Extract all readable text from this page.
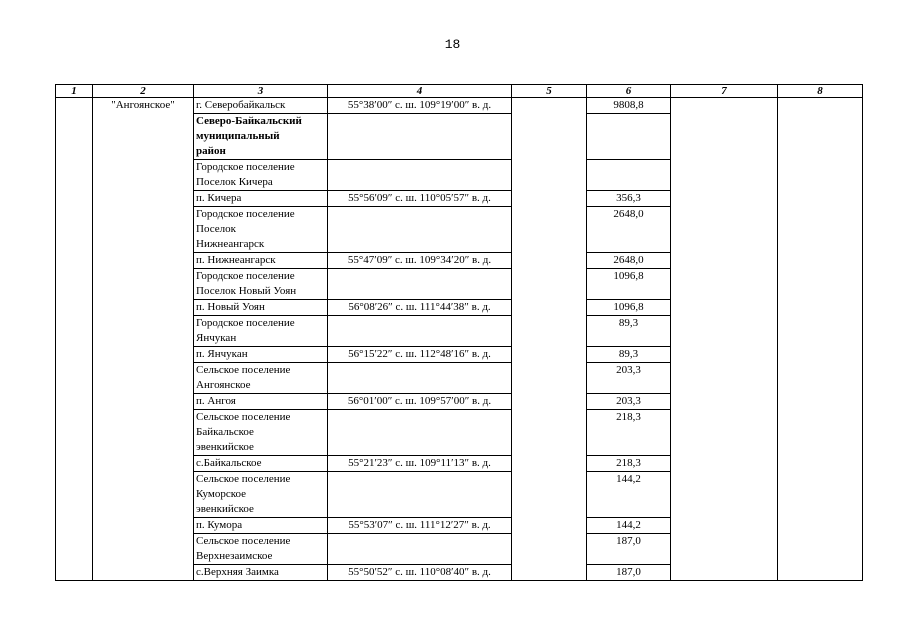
18
1	2	3	4	5	6	7	8
	"Ангоянское"	г. Северобайкальск	55°38′00″ с. ш. 109°19′00″ в. д.		9808,8		

		Северо-Байкальский
муниципальный
район					

		Городское поселение
Поселок Кичера					

		п. Кичера	55°56′09″ с. ш. 110°05′57″ в. д.		356,3		

		Городское поселение
Поселок
Нижнеангарск			2648,0		

		п. Нижнеангарск	55°47′09″ с. ш. 109°34′20″ в. д.		2648,0		

		Городское поселение
Поселок Новый Уоян			1096,8		

		п. Новый Уоян	56°08′26″ с. ш. 111°44′38″ в. д.		1096,8		

		Городское поселение
Янчукан			89,3		

		п. Янчукан	56°15′22″ с. ш. 112°48′16″ в. д.		89,3		

		Сельское поселение
Ангоянское			203,3		

		п. Ангоя	56°01′00″ с. ш. 109°57′00″ в. д.		203,3		

		Сельское поселение
Байкальское
эвенкийское			218,3		

		с.Байкальское	55°21′23″ с. ш. 109°11′13″ в. д.		218,3		

		Сельское поселение
Куморское
эвенкийское			144,2		

		п. Кумора	55°53′07″ с. ш. 111°12′27″ в. д.		144,2		

		Сельское поселение
Верхнезаимское			187,0		

		с.Верхняя Заимка	55°50′52″ с. ш. 110°08′40″ в. д.		187,0		
